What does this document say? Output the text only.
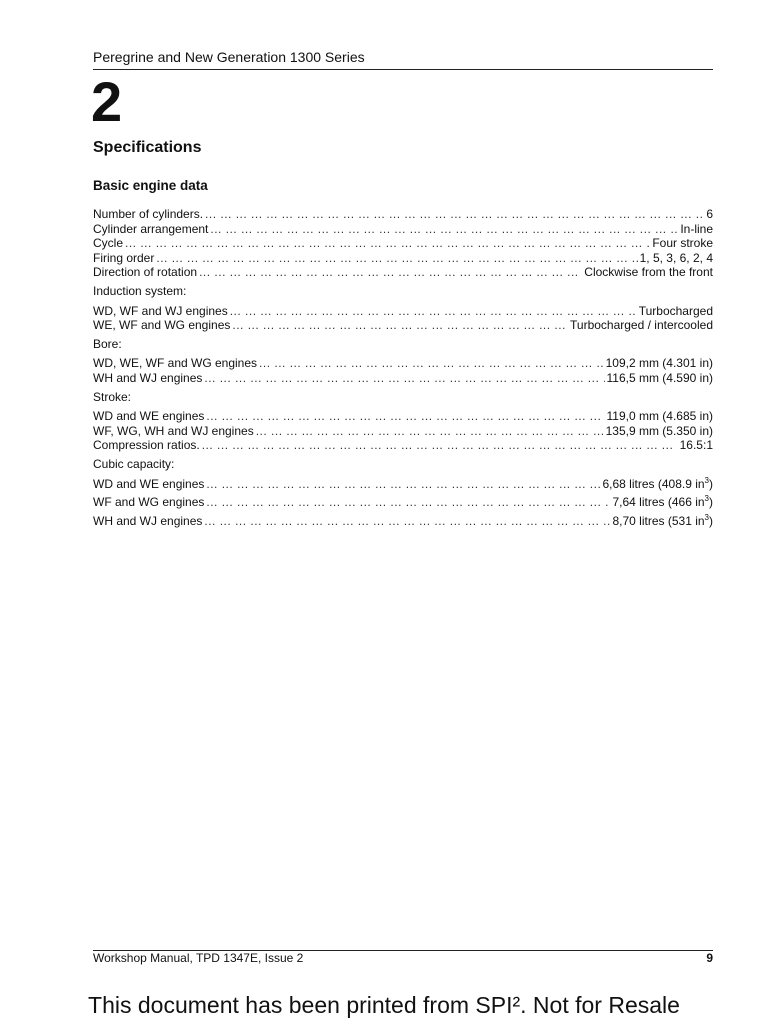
Peregrine and New Generation 1300 Series
2
Specifications
Basic engine data
Number of cylinders. ... .	6
Cylinder arrangement ... .	In-line
Cycle ... .	Four stroke
Firing order ... .	1, 5, 3, 6, 2, 4
Direction of rotation ... .	Clockwise from the front
Induction system:
WD, WF and WJ engines ... .	Turbocharged
WE, WF and WG engines ... .	Turbocharged / intercooled
Bore:
WD, WE, WF and WG engines ... .	109,2 mm (4.301 in)
WH and WJ engines ... .	116,5 mm (4.590 in)
Stroke:
WD and WE engines ... .	119,0 mm (4.685 in)
WF, WG, WH and WJ engines ... .	135,9 mm (5.350 in)
Compression ratios. ... .	16.5:1
Cubic capacity:
WD and WE engines ... .	6,68 litres (408.9 $in^3$)
WF and WG engines ... .	7,64 litres (466 $in^3$)
WH and WJ engines ... .	8,70 litres (531 $in^3$)
Workshop Manual, TPD 1347E, Issue 2	9
This document has been printed from SPI². Not for Resale
